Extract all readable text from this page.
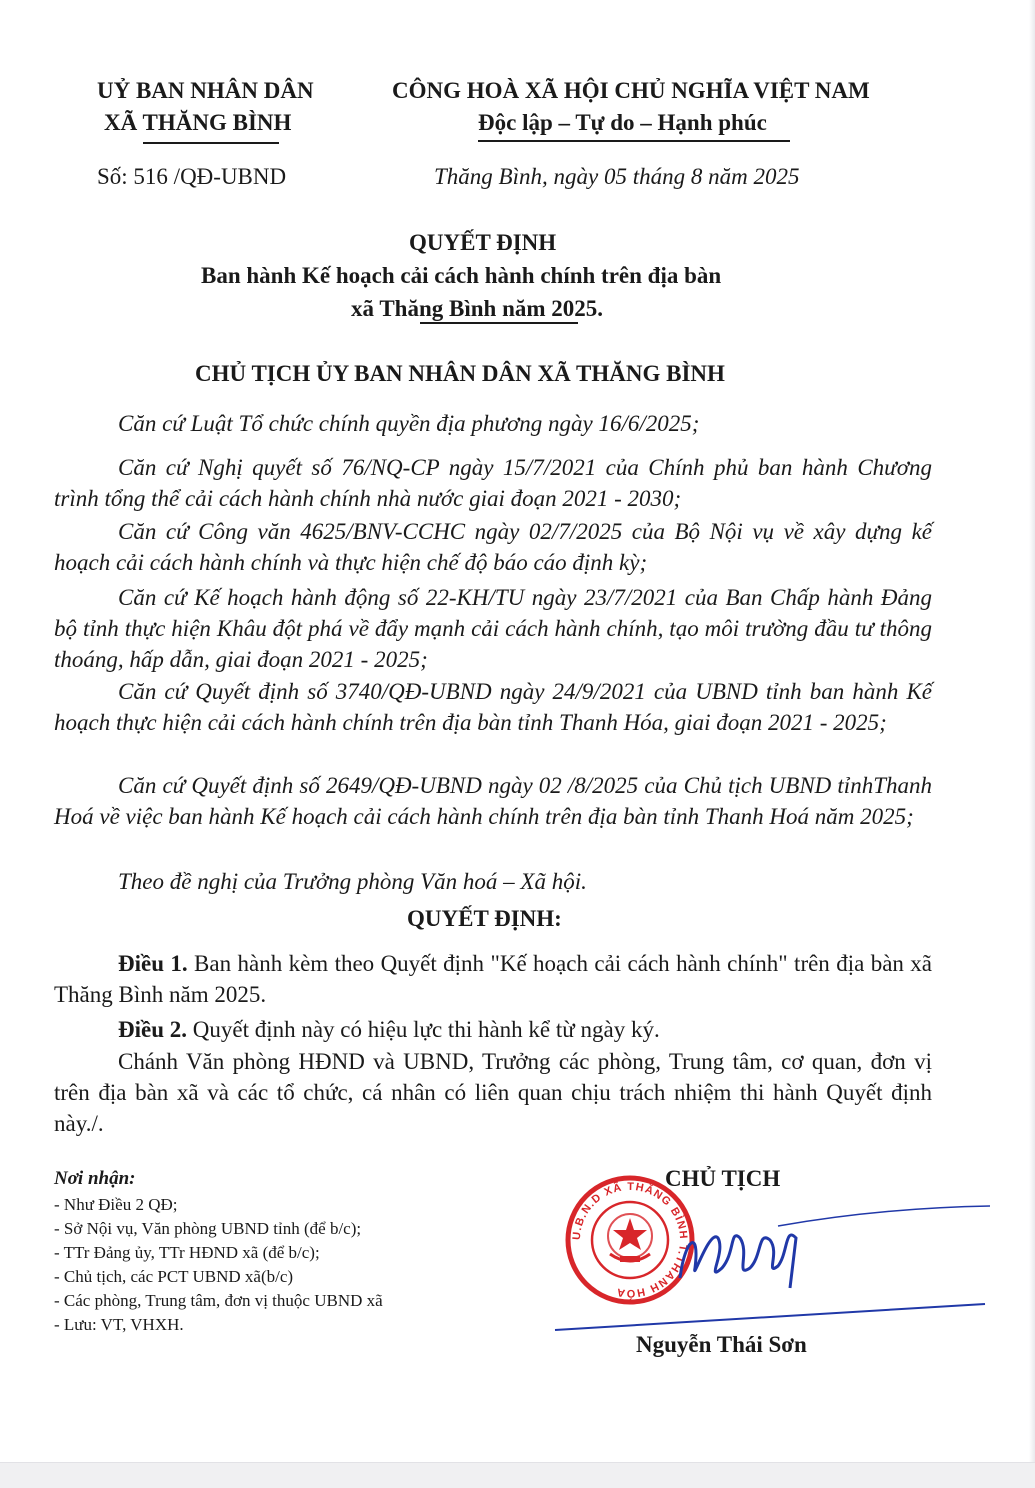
UỶ BAN NHÂN DÂN
XÃ THĂNG BÌNH
Số: 516 /QĐ-UBND
CÔNG HOÀ XÃ HỘI CHỦ NGHĨA VIỆT NAM
Độc lập – Tự do – Hạnh phúc
Thăng Bình, ngày 05 tháng 8 năm 2025
QUYẾT ĐỊNH
Ban hành Kế hoạch cải cách hành chính trên địa bàn
xã Thăng Bình năm 2025.
CHỦ TỊCH ỦY BAN NHÂN DÂN XÃ THĂNG BÌNH
Căn cứ Luật Tổ chức chính quyền địa phương ngày 16/6/2025;
Căn cứ Nghị quyết số 76/NQ-CP ngày 15/7/2021 của Chính phủ ban hành Chương trình tổng thể cải cách hành chính nhà nước giai đoạn 2021 - 2030;
Căn cứ Công văn 4625/BNV-CCHC ngày 02/7/2025 của Bộ Nội vụ về xây dựng kế hoạch cải cách hành chính và thực hiện chế độ báo cáo định kỳ;
Căn cứ Kế hoạch hành động số 22-KH/TU ngày 23/7/2021 của Ban Chấp hành Đảng bộ tỉnh thực hiện Khâu đột phá về đẩy mạnh cải cách hành chính, tạo môi trường đầu tư thông thoáng, hấp dẫn, giai đoạn 2021 - 2025;
Căn cứ Quyết định số 3740/QĐ-UBND ngày 24/9/2021 của UBND tỉnh ban hành Kế hoạch thực hiện cải cách hành chính trên địa bàn tỉnh Thanh Hóa, giai đoạn 2021 - 2025;
Căn cứ Quyết định số 2649/QĐ-UBND ngày 02 /8/2025 của Chủ tịch UBND tỉnhThanh Hoá về việc ban hành Kế hoạch cải cách hành chính trên địa bàn tỉnh Thanh Hoá năm 2025;
Theo đề nghị của Trưởng phòng Văn hoá – Xã hội.
QUYẾT ĐỊNH:
Điều 1. Ban hành kèm theo Quyết định "Kế hoạch cải cách hành chính" trên địa bàn xã Thăng Bình năm 2025.
Điều 2. Quyết định này có hiệu lực thi hành kể từ ngày ký.
Chánh Văn phòng HĐND và UBND, Trưởng các phòng, Trung tâm, cơ quan, đơn vị trên địa bàn xã và các tổ chức, cá nhân có liên quan chịu trách nhiệm thi hành Quyết định này./.
Nơi nhận:
- Như Điều 2 QĐ;
- Sở Nội vụ, Văn phòng UBND tỉnh (để b/c);
- TTr Đảng ủy, TTr HĐND xã (để b/c);
- Chủ tịch, các PCT UBND xã(b/c)
- Các phòng, Trung tâm, đơn vị thuộc UBND xã
- Lưu: VT, VHXH.
CHỦ TỊCH
U.B.N.D XÃ THĂNG BÌNH T.THANH HÓA
Nguyễn Thái Sơn
